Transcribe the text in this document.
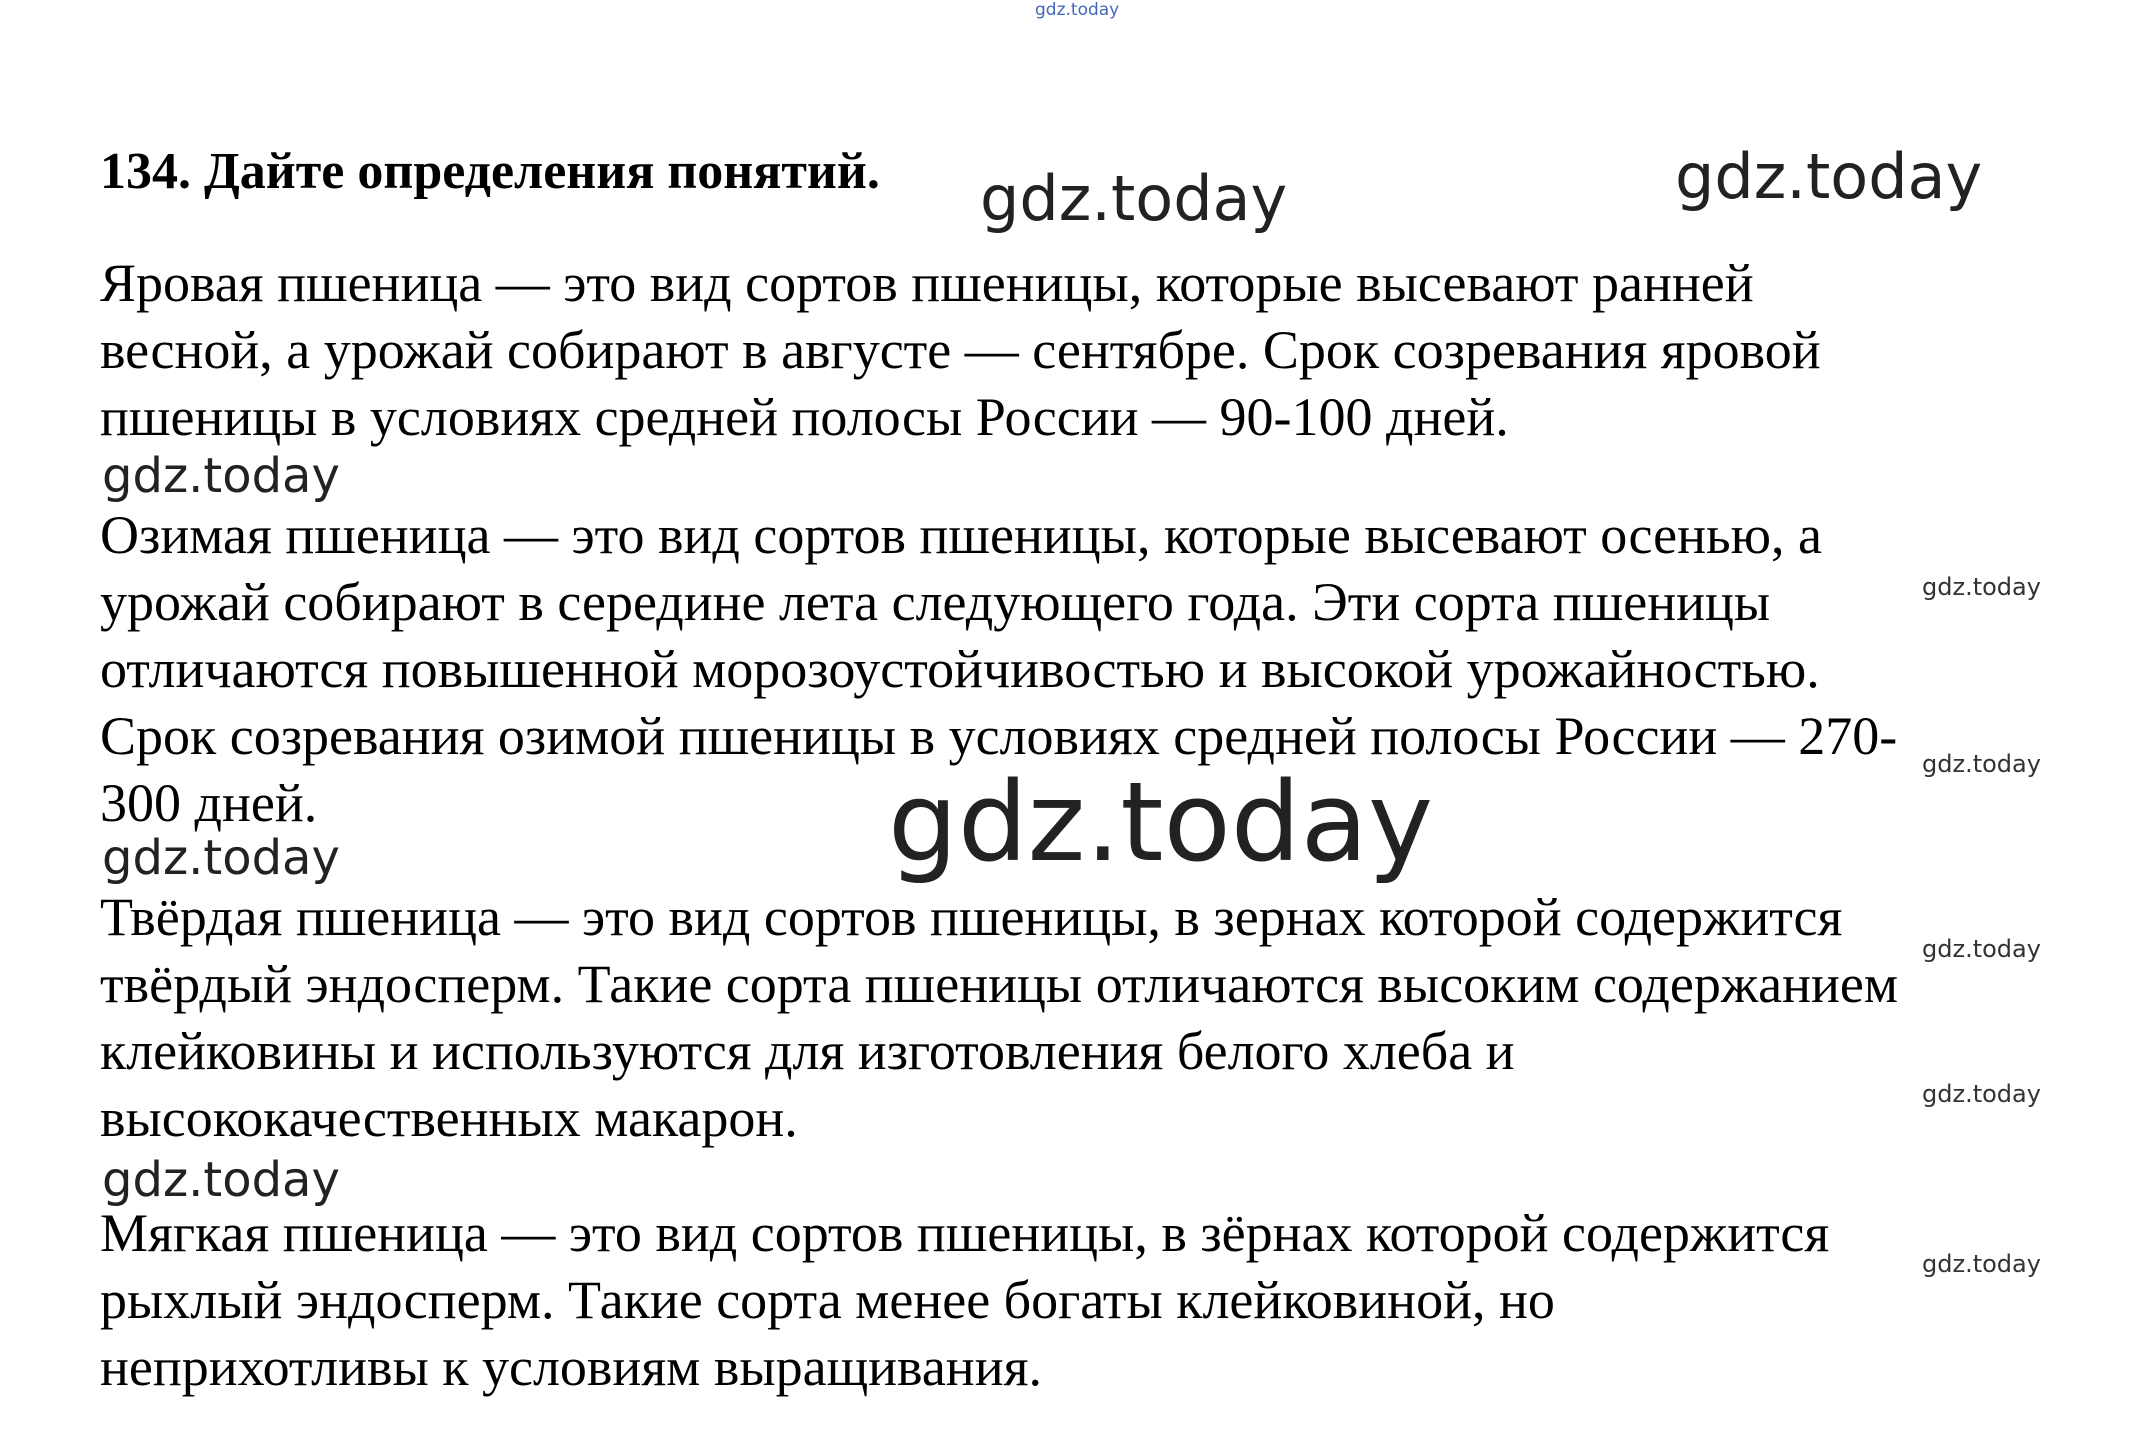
gdz.today
gdz.today	gdz.today
gdz.today
gdz.today
gdz.today
gdz.today
gdz.today
gdz.today
gdz.today
gdz.today
gdz.today
134. Дайте определения понятий.
Яровая пшеница — это вид сортов пшеницы, которые высевают ранней
весной, а урожай собирают в августе — сентябре. Срок созревания яровой
пшеницы в условиях средней полосы России — 90-100 дней.
Озимая пшеница — это вид сортов пшеницы, которые высевают осенью, а
урожай собирают в середине лета следующего года. Эти сорта пшеницы
отличаются повышенной морозоустойчивостью и высокой урожайностью.
Срок созревания озимой пшеницы в условиях средней полосы России — 270-
300 дней.
Твёрдая пшеница — это вид сортов пшеницы, в зернах которой содержится
твёрдый эндосперм. Такие сорта пшеницы отличаются высоким содержанием
клейковины и используются для изготовления белого хлеба и
высококачественных макарон.
Мягкая пшеница — это вид сортов пшеницы, в зёрнах которой содержится
рыхлый эндосперм. Такие сорта менее богаты клейковиной, но
неприхотливы к условиям выращивания.
